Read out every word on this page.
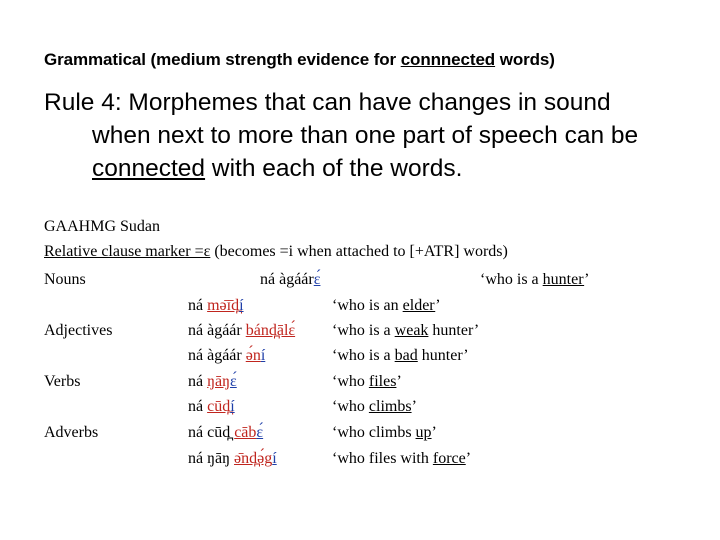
Grammatical (medium strength evidence for connnected words)
Rule 4: Morphemes that can have changes in sound
when next to more than one part of speech can be
connected with each of the words.
GAAHMG Sudan
Relative clause marker =ɛ (becomes =i when attached to [+ATR] words)
Nouns	ná àgáárɛ́	‘who is a hunter’
ná mə̄ɪ̄d̪í	‘who is an elder’
Adjectives	ná àgáár bánd̪ālɛ́ ‘who is a weak hunter’
ná àgáár ə́ní	‘who is a bad hunter’
Verbs	ná ŋāŋɛ́	‘who files’
ná cūd̪í	‘who climbs’
Adverbs	ná cūd̪ cābɛ́	‘who climbs up’
ná ŋāŋ ə̄nd̪ə́gí	‘who files with force’
